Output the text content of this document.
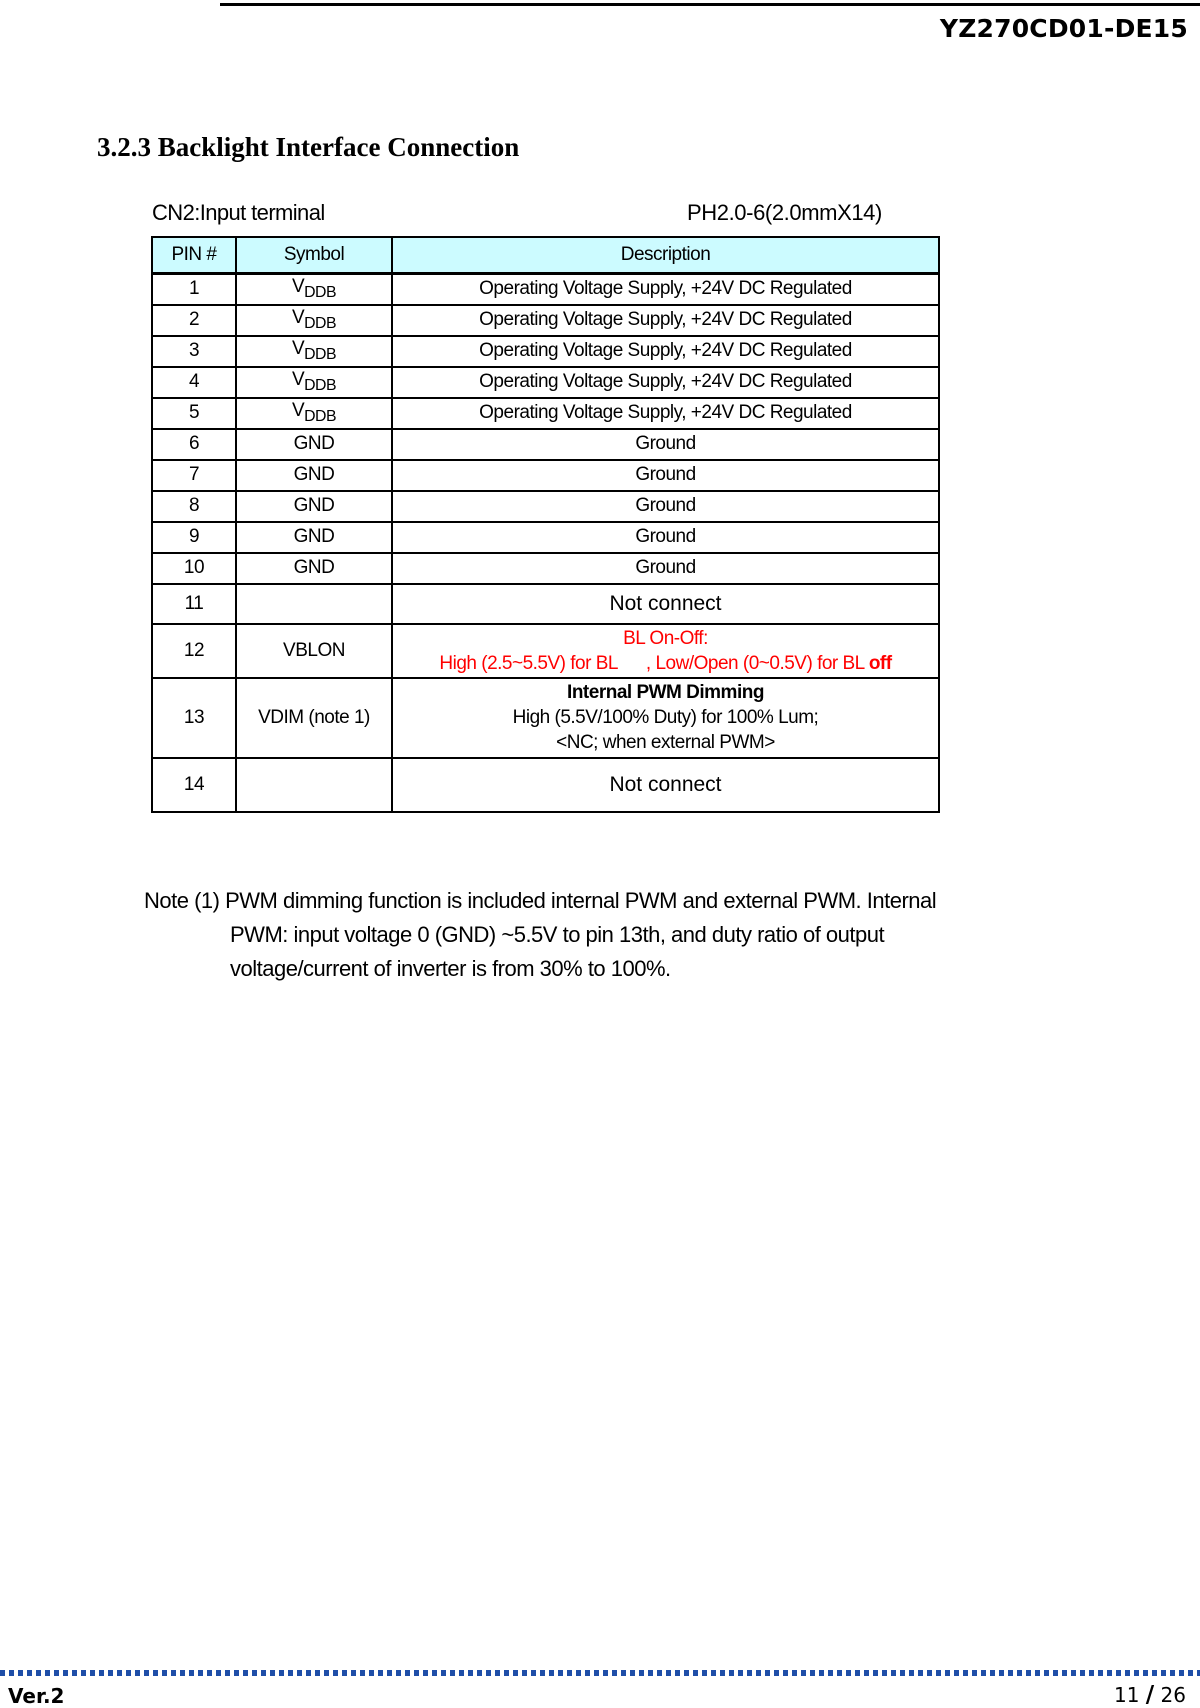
YZ270CD01-DE15
3.2.3 Backlight Interface Connection
CN2:Input terminal	PH2.0-6(2.0mmX14)
PIN #	Symbol	Description
1	$V_{DDB}$	Operating Voltage Supply, +24V DC Regulated
2	$V_{DDB}$	Operating Voltage Supply, +24V DC Regulated
3	$V_{DDB}$	Operating Voltage Supply, +24V DC Regulated
4	$V_{DDB}$	Operating Voltage Supply, +24V DC Regulated
5	$V_{DDB}$	Operating Voltage Supply, +24V DC Regulated
6	GND	Ground
7	GND	Ground
8	GND	Ground
9	GND	Ground
10	GND	Ground
11		Not connect
12	VBLON	BL On-Off:
High (2.5~5.5V) for BL      , Low/Open (0~0.5V) for BL off

13	VDIM (note 1)	Internal PWM Dimming
High (5.5V/100% Duty) for 100% Lum;
<NC; when external PWM>

14		Not connect
Note (1) PWM dimming function is included internal PWM and external PWM. Internal
PWM: input voltage 0 (GND) ~5.5V to pin 13th, and duty ratio of output
voltage/current of inverter is from 30% to 100%.
Ver.2	11 / 26
